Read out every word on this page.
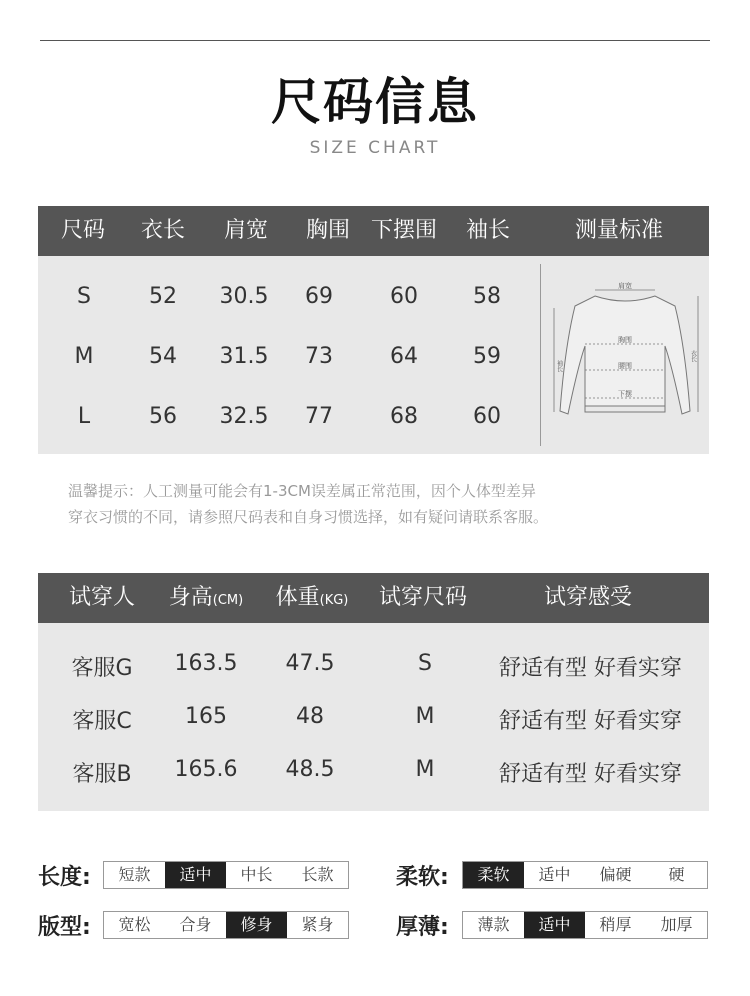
尺码信息
SIZE CHART
尺码	衣长	肩宽	胸围 下摆围	袖长	测量标准
S	52	30.5	69	60	58
M	54	31.5	73	64	59
L	56	32.5	77	68	60
肩宽
胸围
腰围
下摆
袖长
衣长
温馨提示：人工测量可能会有1-3CM误差属正常范围，因个人体型差异
穿衣习惯的不同，请参照尺码表和自身习惯选择，如有疑问请联系客服。
试穿人	身高(CM)	体重(KG)	试穿尺码	试穿感受
客服G	163.5	47.5	S	舒适有型 好看实穿
客服C	165	48	M	舒适有型 好看实穿
客服B	165.6	48.5	M	舒适有型 好看实穿
长度:	短款	适中	中长	长款	柔软:	柔软	适中	偏硬	硬
版型:	宽松	合身	修身	紧身	厚薄:	薄款	适中	稍厚	加厚
